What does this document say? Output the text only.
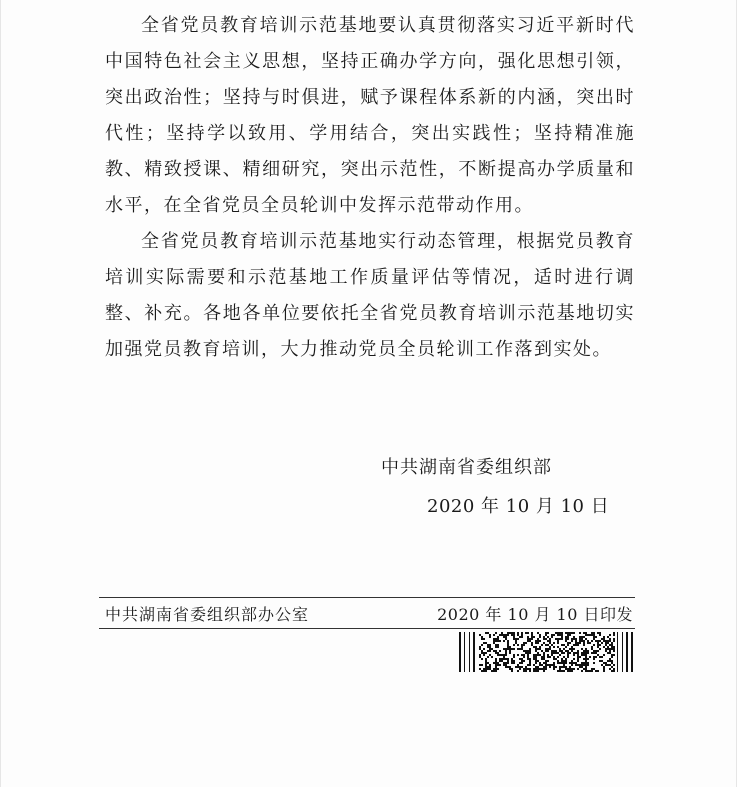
全省党员教育培训示范基地要认真贯彻落实习近平新时代中国特色社会主义思想，坚持正确办学方向，强化思想引领，突出政治性；坚持与时俱进，赋予课程体系新的内涵，突出时代性；坚持学以致用、学用结合，突出实践性；坚持精准施教、精致授课、精细研究，突出示范性，不断提高办学质量和水平，在全省党员全员轮训中发挥示范带动作用。

全省党员教育培训示范基地实行动态管理，根据党员教育培训实际需要和示范基地工作质量评估等情况，适时进行调整、补充。各地各单位要依托全省党员教育培训示范基地切实加强党员教育培训，大力推动党员全员轮训工作落到实处。

中共湖南省委组织部
2020 年 10 月 10 日
中共湖南省委组织部办公室	2020 年 10 月 10 日印发
